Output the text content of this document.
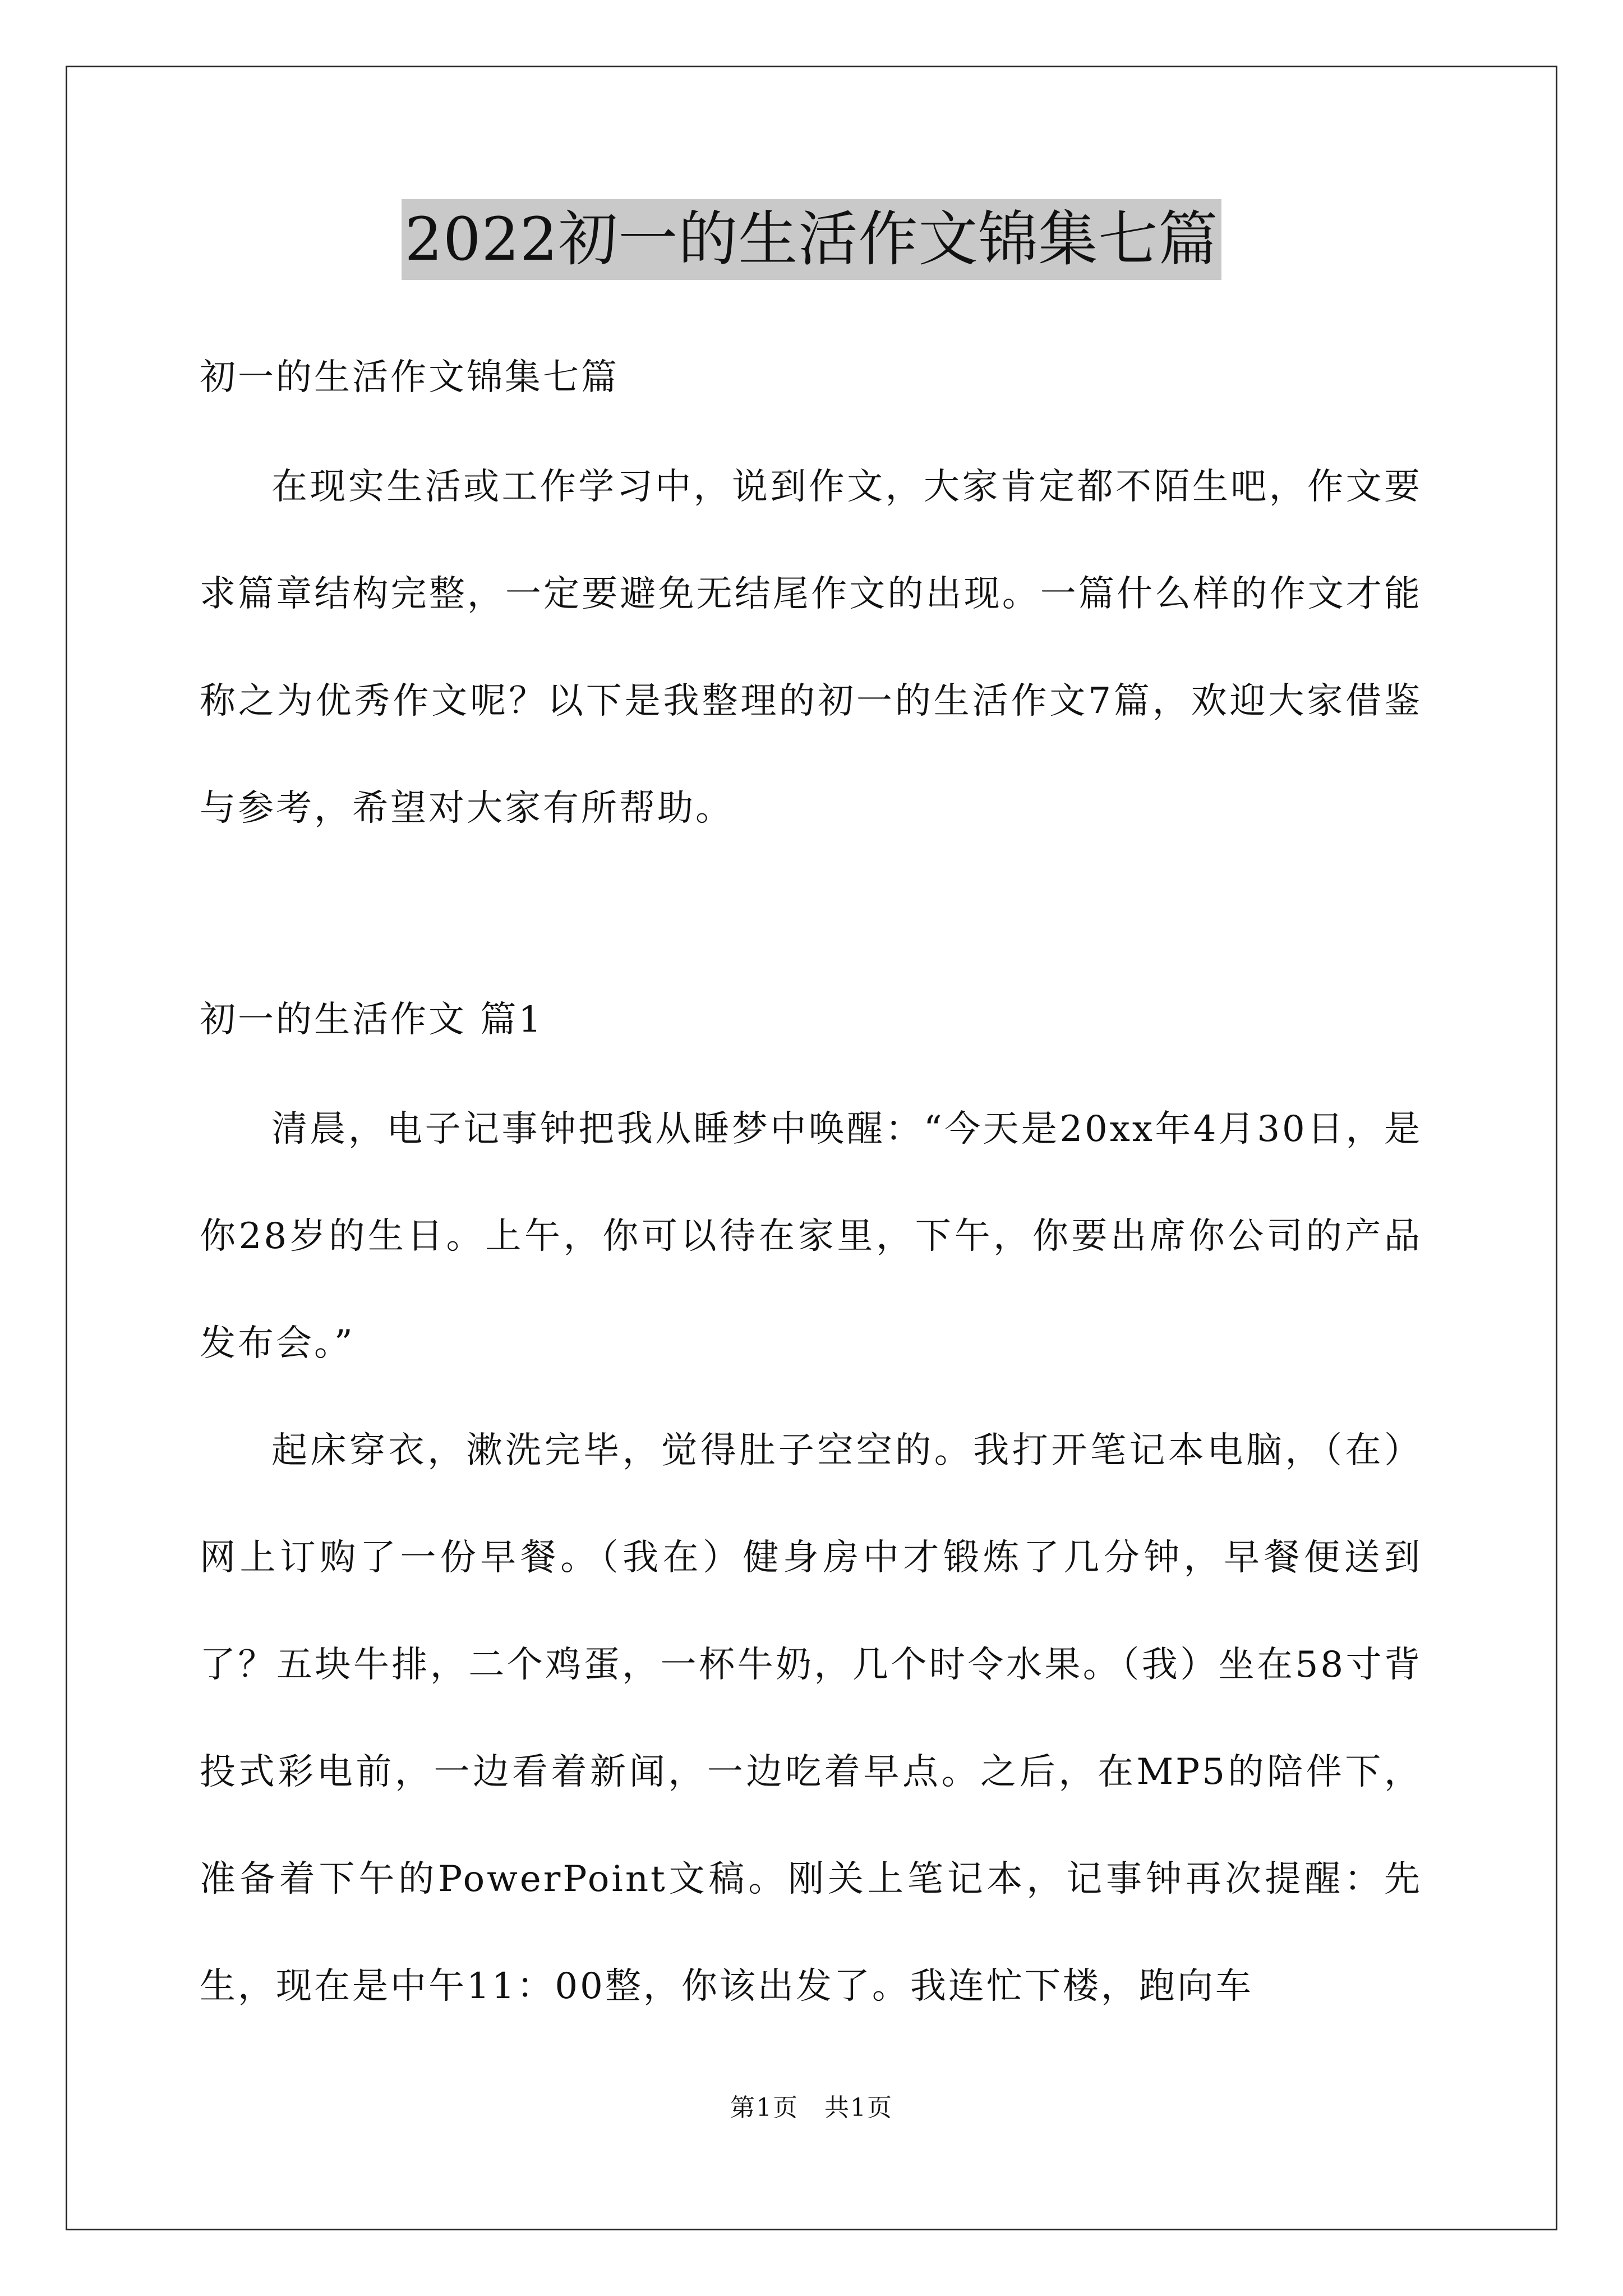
2022初一的生活作文锦集七篇
初一的生活作文锦集七篇

在现实生活或工作学习中，说到作文，大家肯定都不陌生吧，作文要求篇章结构完整，一定要避免无结尾作文的出现。一篇什么样的作文才能称之为优秀作文呢？以下是我整理的初一的生活作文7篇，欢迎大家借鉴与参考，希望对大家有所帮助。

初一的生活作文 篇1

清晨，电子记事钟把我从睡梦中唤醒：“今天是20xx年4月30日，是你28岁的生日。上午，你可以待在家里，下午，你要出席你公司的产品发布会。”

起床穿衣，漱洗完毕，觉得肚子空空的。我打开笔记本电脑，（在）网上订购了一份早餐。（我在）健身房中才锻炼了几分钟，早餐便送到了？五块牛排，二个鸡蛋，一杯牛奶，几个时令水果。（我）坐在58寸背投式彩电前，一边看着新闻，一边吃着早点。之后，在MP5的陪伴下，准备着下午的PowerPoint文稿。刚关上笔记本，记事钟再次提醒：先生，现在是中午11：00整，你该出发了。我连忙下楼，跑向车

第1页　共1页
